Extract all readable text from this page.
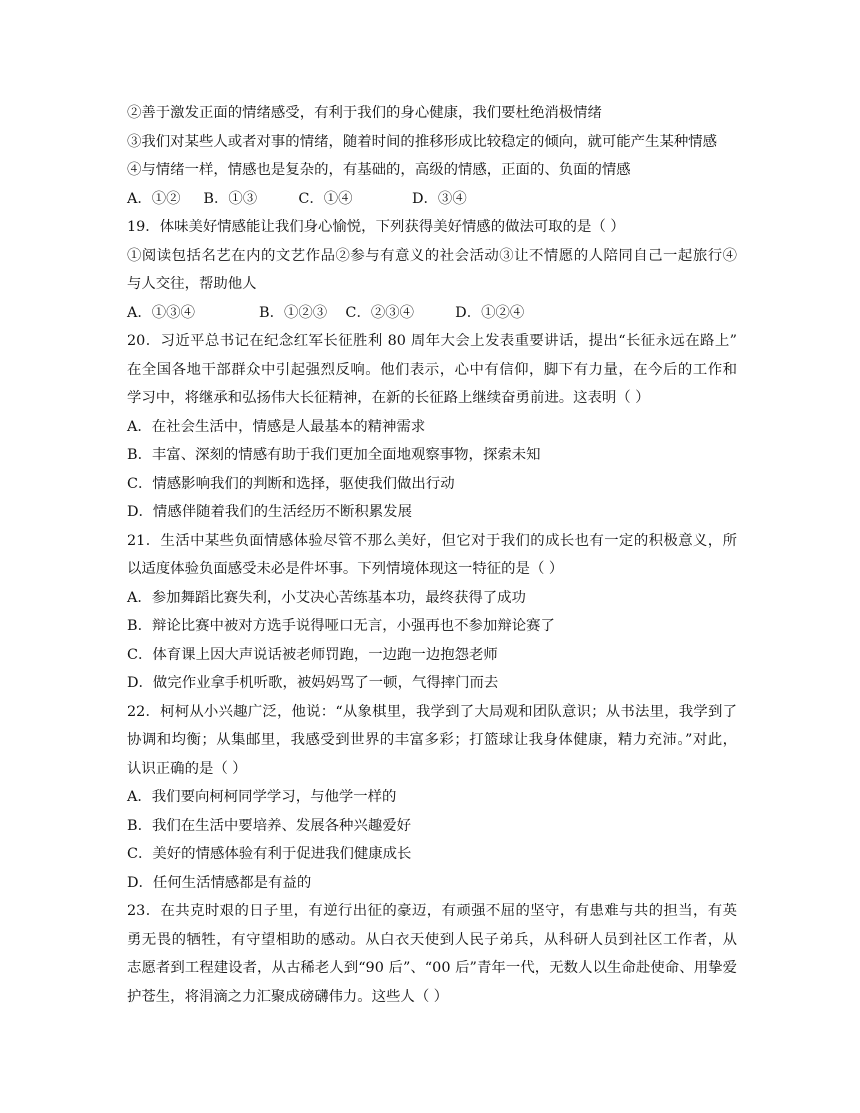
②善于激发正面的情绪感受，有利于我们的身心健康，我们要杜绝消极情绪
③我们对某些人或者对事的情绪，随着时间的推移形成比较稳定的倾向，就可能产生某种情感
④与情绪一样，情感也是复杂的，有基础的，高级的情感，正面的、负面的情感
A．①②     B．①③         C．①④             D．③④
19．体味美好情感能让我们身心愉悦，下列获得美好情感的做法可取的是（ ）
①阅读包括名艺在内的文艺作品②参与有意义的社会活动③让不情愿的人陪同自己一起旅行④
与人交往，帮助他人
A．①③④              B．①②③    C．②③④         D．①②④
20．习近平总书记在纪念红军长征胜利 80 周年大会上发表重要讲话，提出“长征永远在路上”
在全国各地干部群众中引起强烈反响。他们表示，心中有信仰，脚下有力量，在今后的工作和
学习中，将继承和弘扬伟大长征精神，在新的长征路上继续奋勇前进。这表明（ ）
A．在社会生活中，情感是人最基本的精神需求
B．丰富、深刻的情感有助于我们更加全面地观察事物，探索未知
C．情感影响我们的判断和选择，驱使我们做出行动
D．情感伴随着我们的生活经历不断积累发展
21．生活中某些负面情感体验尽管不那么美好，但它对于我们的成长也有一定的积极意义，所
以适度体验负面感受未必是件坏事。下列情境体现这一特征的是（ ）
A．参加舞蹈比赛失利，小艾决心苦练基本功，最终获得了成功
B．辩论比赛中被对方选手说得哑口无言，小强再也不参加辩论赛了
C．体育课上因大声说话被老师罚跑，一边跑一边抱怨老师
D．做完作业拿手机听歌，被妈妈骂了一顿，气得摔门而去
22．柯柯从小兴趣广泛，他说：“从象棋里，我学到了大局观和团队意识；从书法里，我学到了
协调和均衡；从集邮里，我感受到世界的丰富多彩；打篮球让我身体健康，精力充沛。”对此，
认识正确的是（ ）
A．我们要向柯柯同学学习，与他学一样的
B．我们在生活中要培养、发展各种兴趣爱好
C．美好的情感体验有利于促进我们健康成长
D．任何生活情感都是有益的
23．在共克时艰的日子里，有逆行出征的豪迈，有顽强不屈的坚守，有患难与共的担当，有英
勇无畏的牺牲，有守望相助的感动。从白衣天使到人民子弟兵，从科研人员到社区工作者，从
志愿者到工程建设者，从古稀老人到“90 后”、“00 后”青年一代，无数人以生命赴使命、用挚爱
护苍生，将涓滴之力汇聚成磅礴伟力。这些人（ ）
